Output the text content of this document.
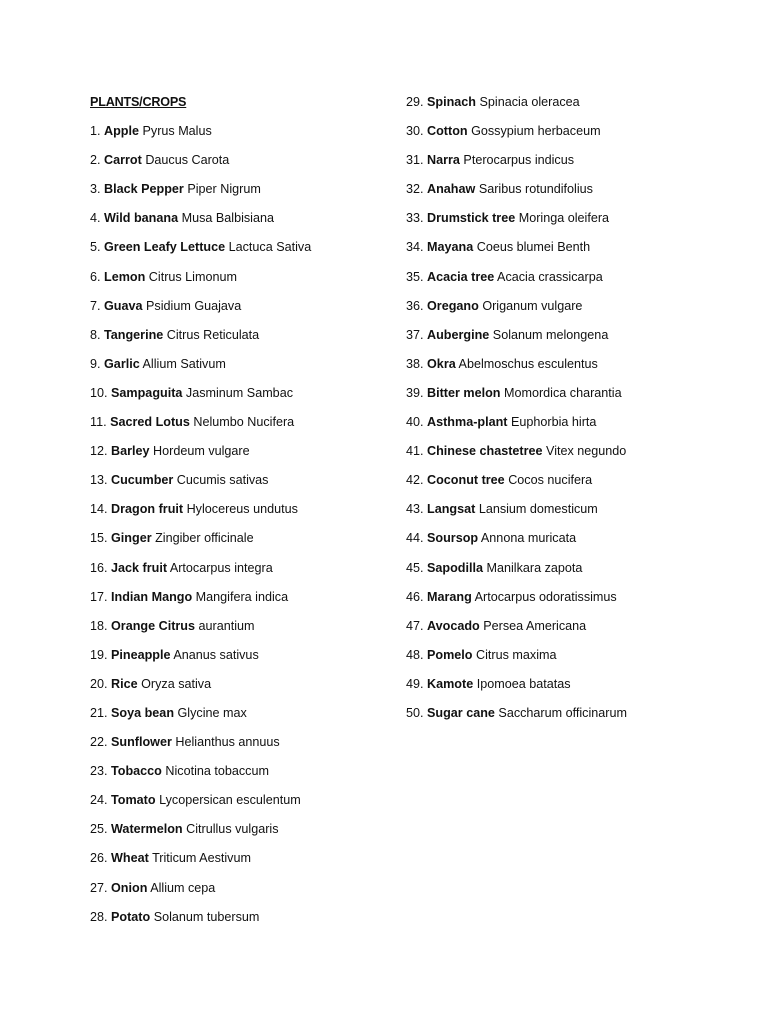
PLANTS/CROPS
1. Apple Pyrus Malus
2. Carrot Daucus Carota
3. Black Pepper Piper Nigrum
4. Wild banana Musa Balbisiana
5. Green Leafy Lettuce Lactuca Sativa
6. Lemon Citrus Limonum
7. Guava Psidium Guajava
8. Tangerine Citrus Reticulata
9. Garlic Allium Sativum
10. Sampaguita Jasminum Sambac
11. Sacred Lotus Nelumbo Nucifera
12. Barley Hordeum vulgare
13. Cucumber Cucumis sativas
14. Dragon fruit Hylocereus undutus
15. Ginger Zingiber officinale
16. Jack fruit Artocarpus integra
17. Indian Mango Mangifera indica
18. Orange Citrus aurantium
19. Pineapple Ananus sativus
20. Rice Oryza sativa
21. Soya bean Glycine max
22. Sunflower Helianthus annuus
23. Tobacco Nicotina tobaccum
24. Tomato Lycopersican esculentum
25. Watermelon Citrullus vulgaris
26. Wheat Triticum Aestivum
27. Onion Allium cepa
28. Potato Solanum tubersum
29. Spinach Spinacia oleracea
30. Cotton Gossypium herbaceum
31. Narra Pterocarpus indicus
32. Anahaw Saribus rotundifolius
33. Drumstick tree Moringa oleifera
34. Mayana Coeus blumei Benth
35. Acacia tree Acacia crassicarpa
36. Oregano Origanum vulgare
37. Aubergine Solanum melongena
38. Okra Abelmoschus esculentus
39. Bitter melon Momordica charantia
40. Asthma-plant Euphorbia hirta
41. Chinese chastetree Vitex negundo
42. Coconut tree Cocos nucifera
43. Langsat Lansium domesticum
44. Soursop Annona muricata
45. Sapodilla Manilkara zapota
46. Marang Artocarpus odoratissimus
47. Avocado Persea Americana
48. Pomelo Citrus maxima
49. Kamote Ipomoea batatas
50. Sugar cane Saccharum officinarum
